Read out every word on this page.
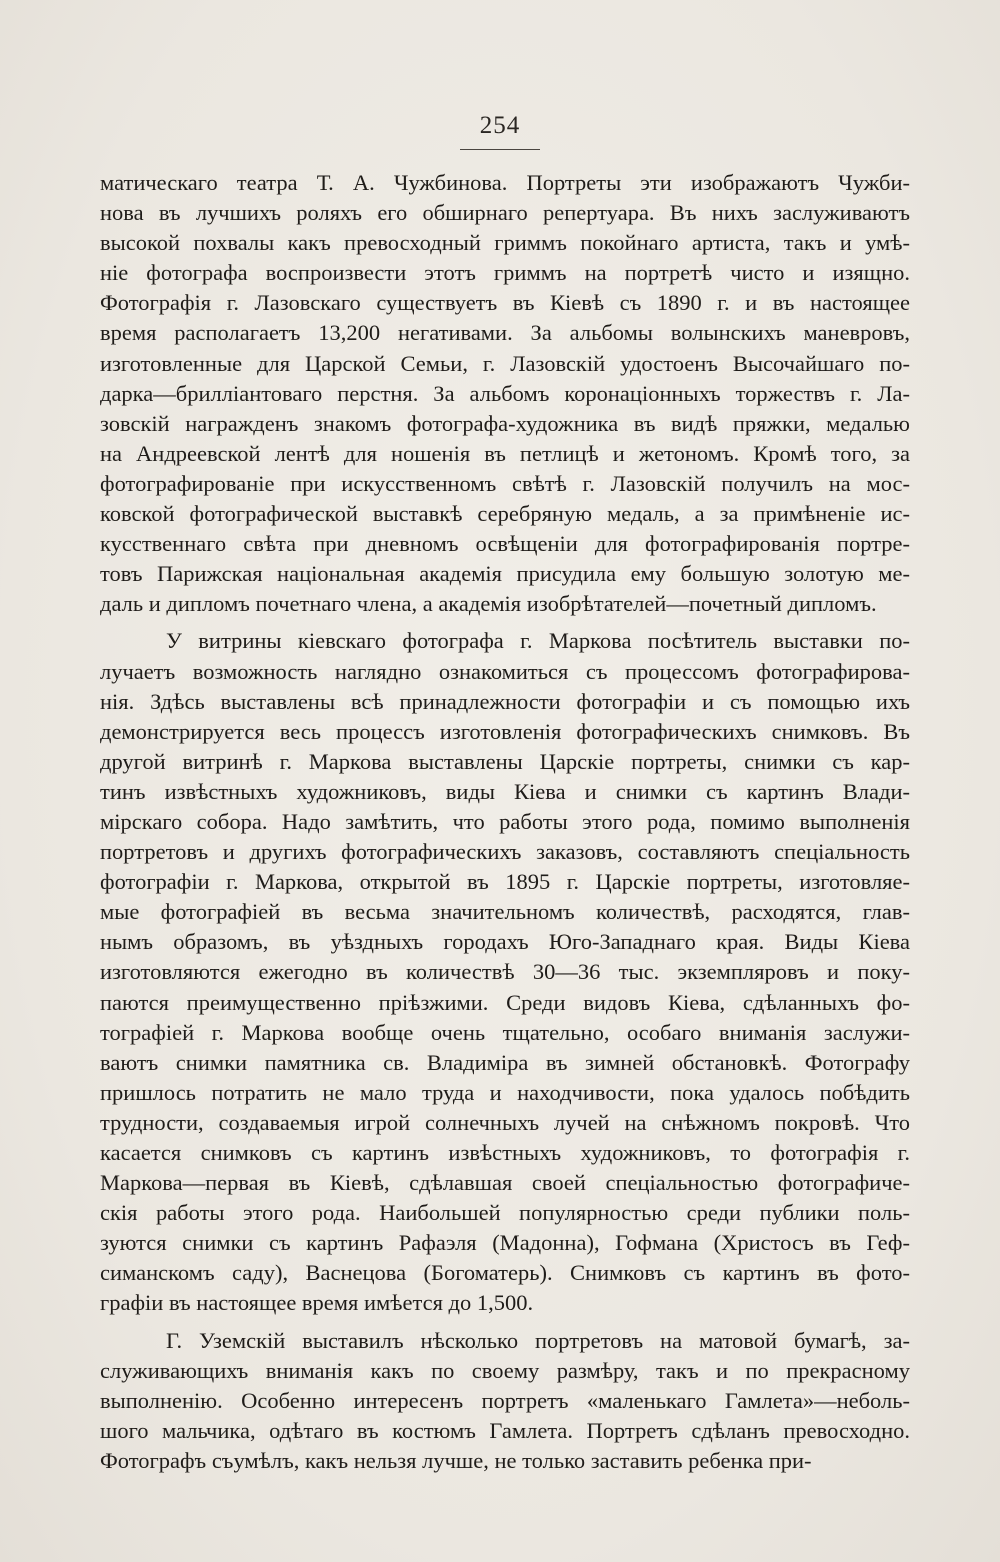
254
матическаго театра Т. А. Чужбинова. Портреты эти изображаютъ Чужби-
нова въ лучшихъ роляхъ его обширнаго репертуара. Въ нихъ заслуживаютъ
высокой похвалы какъ превосходный гриммъ покойнаго артиста, такъ и умѣ-
ніе фотографа воспроизвести этотъ гриммъ на портретѣ чисто и изящно.
Фотографія г. Лазовскаго существуетъ въ Кіевѣ съ 1890 г. и въ настоящее
время располагаетъ 13,200 негативами. За альбомы волынскихъ маневровъ,
изготовленные для Царской Семьи, г. Лазовскій удостоенъ Высочайшаго по-
дарка—брилліантоваго перстня. За альбомъ коронаціонныхъ торжествъ г. Ла-
зовскій награжденъ знакомъ фотографа-художника въ видѣ пряжки, медалью
на Андреевской лентѣ для ношенія въ петлицѣ и жетономъ. Кромѣ того, за
фотографированіе при искусственномъ свѣтѣ г. Лазовскій получилъ на мос-
ковской фотографической выставкѣ серебряную медаль, а за примѣненіе ис-
кусственнаго свѣта при дневномъ освѣщеніи для фотографированія портре-
товъ Парижская національная академія присудила ему большую золотую ме-
даль и дипломъ почетнаго члена, а академія изобрѣтателей—почетный дипломъ.
У витрины кіевскаго фотографа г. Маркова посѣтитель выставки по-
лучаетъ возможность наглядно ознакомиться съ процессомъ фотографирова-
нія. Здѣсь выставлены всѣ принадлежности фотографіи и съ помощью ихъ
демонстрируется весь процессъ изготовленія фотографическихъ снимковъ. Въ
другой витринѣ г. Маркова выставлены Царскіе портреты, снимки съ кар-
тинъ извѣстныхъ художниковъ, виды Кіева и снимки съ картинъ Влади-
мірскаго собора. Надо замѣтить, что работы этого рода, помимо выполненія
портретовъ и другихъ фотографическихъ заказовъ, составляютъ спеціальность
фотографіи г. Маркова, открытой въ 1895 г. Царскіе портреты, изготовляе-
мые фотографіей въ весьма значительномъ количествѣ, расходятся, глав-
нымъ образомъ, въ уѣздныхъ городахъ Юго-Западнаго края. Виды Кіева
изготовляются ежегодно въ количествѣ 30—36 тыс. экземпляровъ и поку-
паются преимущественно пріѣзжими. Среди видовъ Кіева, сдѣланныхъ фо-
тографіей г. Маркова вообще очень тщательно, особаго вниманія заслужи-
ваютъ снимки памятника св. Владиміра въ зимней обстановкѣ. Фотографу
пришлось потратить не мало труда и находчивости, пока удалось побѣдить
трудности, создаваемыя игрой солнечныхъ лучей на снѣжномъ покровѣ. Что
касается снимковъ съ картинъ извѣстныхъ художниковъ, то фотографія г.
Маркова—первая въ Кіевѣ, сдѣлавшая своей спеціальностью фотографиче-
скія работы этого рода. Наибольшей популярностью среди публики поль-
зуются снимки съ картинъ Рафаэля (Мадонна), Гофмана (Христосъ въ Геф-
симанскомъ саду), Васнецова (Богоматерь). Снимковъ съ картинъ въ фото-
графіи въ настоящее время имѣется до 1,500.
Г. Уземскій выставилъ нѣсколько портретовъ на матовой бумагѣ, за-
служивающихъ вниманія какъ по своему размѣру, такъ и по прекрасному
выполненію. Особенно интересенъ портретъ «маленькаго Гамлета»—неболь-
шого мальчика, одѣтаго въ костюмъ Гамлета. Портретъ сдѣланъ превосходно.
Фотографъ съумѣлъ, какъ нельзя лучше, не только заставить ребенка при-
